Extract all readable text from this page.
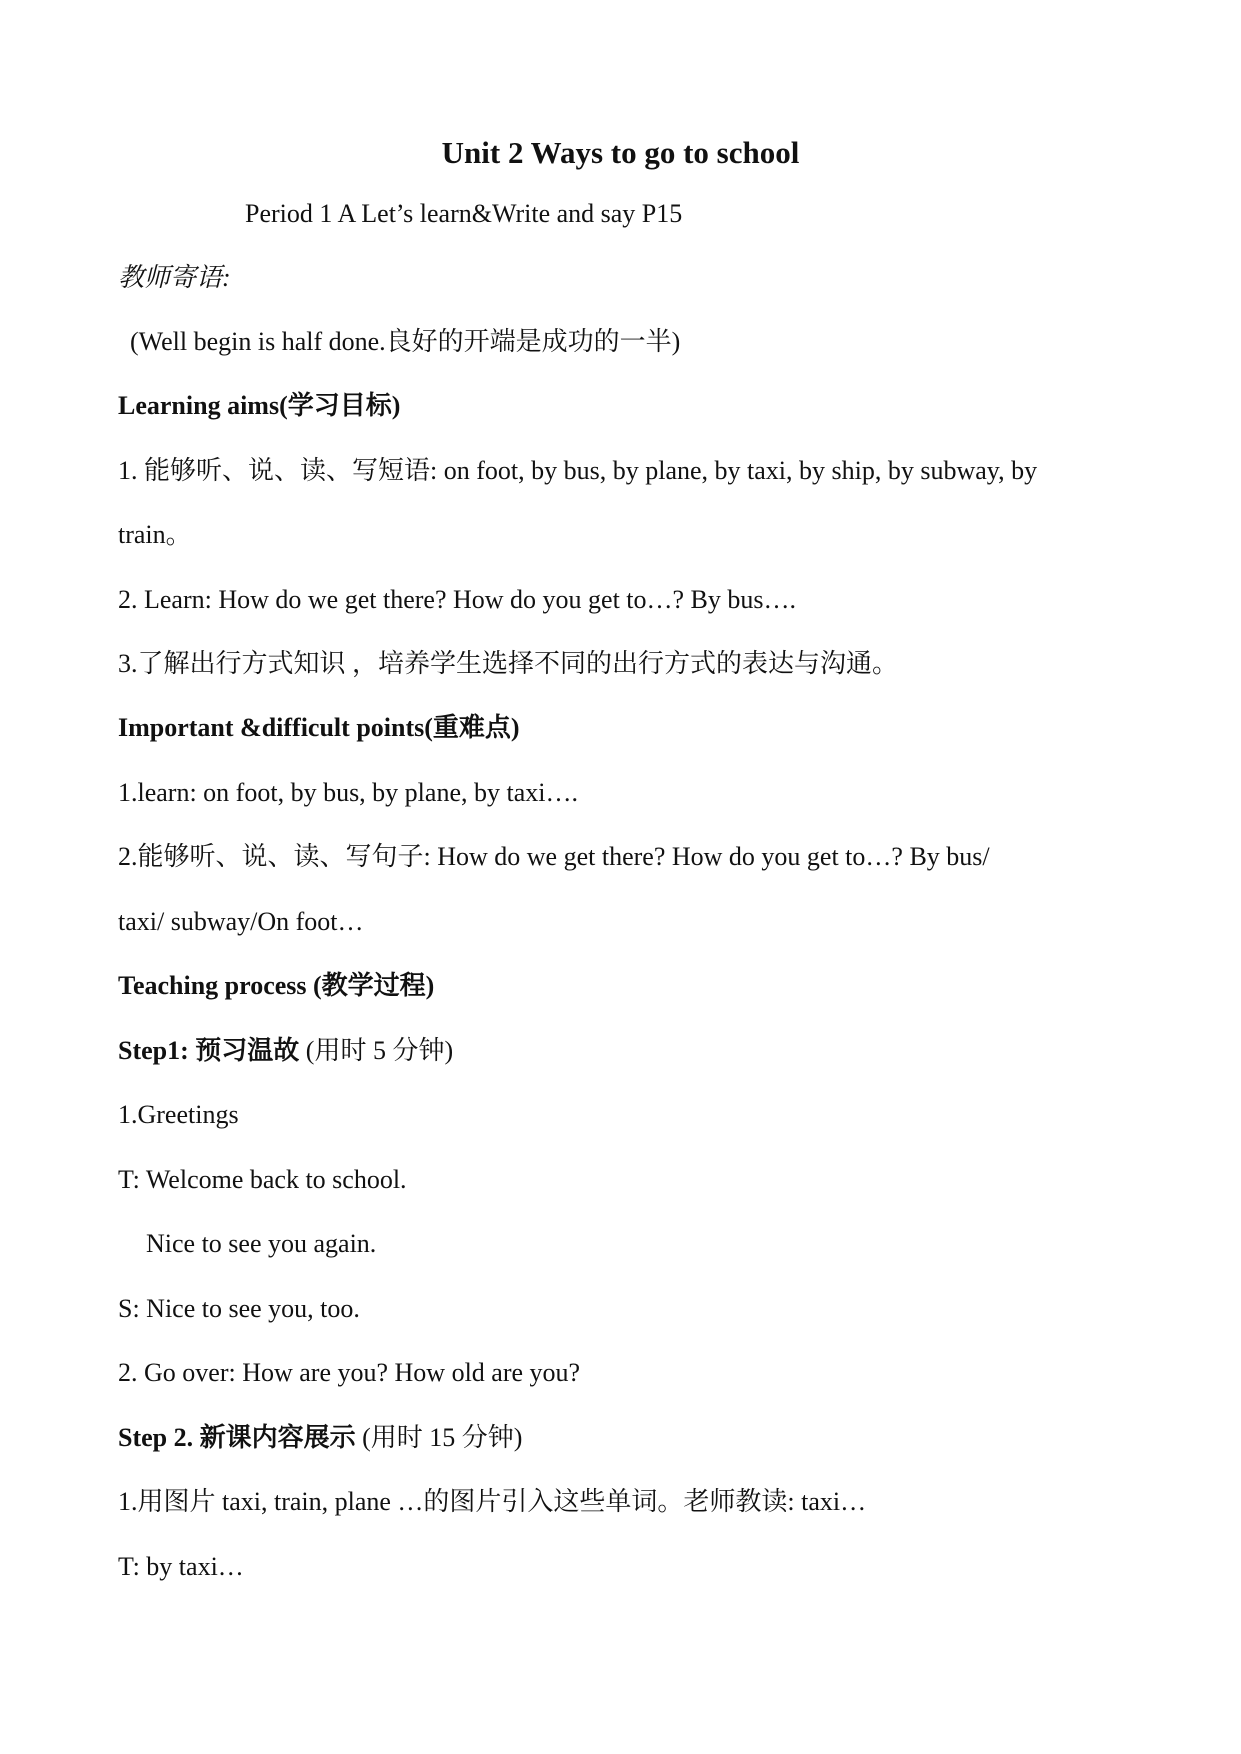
Unit 2 Ways to go to school
Period 1 A Let’s learn&Write and say P15
教师寄语:
(Well begin is half done.良好的开端是成功的一半)
Learning aims(学习目标)
1. 能够听、说、读、写短语: on foot, by bus, by plane, by taxi, by ship, by subway, by
train。
2. Learn: How do we get there? How do you get to…? By bus….
3.了解出行方式知识 ，培养学生选择不同的出行方式的表达与沟通。
Important &difficult points(重难点)
1.learn: on foot, by bus, by plane, by taxi….
2.能够听、说、读、写句子: How do we get there? How do you get to…? By bus/
taxi/ subway/On foot…
Teaching process (教学过程)
Step1: 预习温故 (用时 5 分钟)
1.Greetings
T: Welcome back to school.
Nice to see you again.
S: Nice to see you, too.
2. Go over: How are you? How old are you?
Step 2. 新课内容展示 (用时 15 分钟)
1.用图片 taxi, train, plane …的图片引入这些单词。老师教读: taxi…
T: by taxi…
